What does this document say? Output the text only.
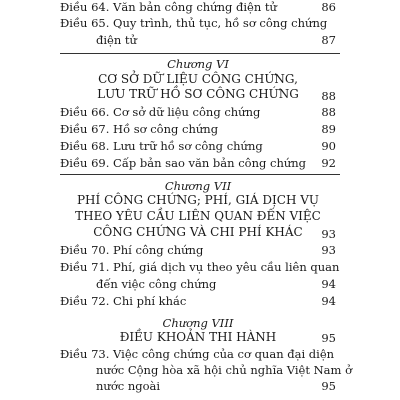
Điều 64. Văn bản công chứng điện tử	86
Điều 65. Quy trình, thủ tục, hồ sơ công chứng
điện tử	87
Chương VI
CƠ SỞ DỮ LIỆU CÔNG CHỨNG,
LƯU TRỮ HỒ SƠ CÔNG CHỨNG	88
Điều 66. Cơ sở dữ liệu công chứng	88
Điều 67. Hồ sơ công chứng	89
Điều 68. Lưu trữ hồ sơ công chứng	90
Điều 69. Cấp bản sao văn bản công chứng	92
Chương VII
PHÍ CÔNG CHỨNG; PHÍ, GIÁ DỊCH VỤ
THEO YÊU CẦU LIÊN QUAN ĐẾN VIỆC
CÔNG CHỨNG VÀ CHI PHÍ KHÁC	93
Điều 70. Phí công chứng	93
Điều 71. Phí, giá dịch vụ theo yêu cầu liên quan
đến việc công chứng	94
Điều 72. Chi phí khác	94
Chương VIII
ĐIỀU KHOẢN THI HÀNH	95
Điều 73. Việc công chứng của cơ quan đại diện
nước Cộng hòa xã hội chủ nghĩa Việt Nam ở
nước ngoài	95
